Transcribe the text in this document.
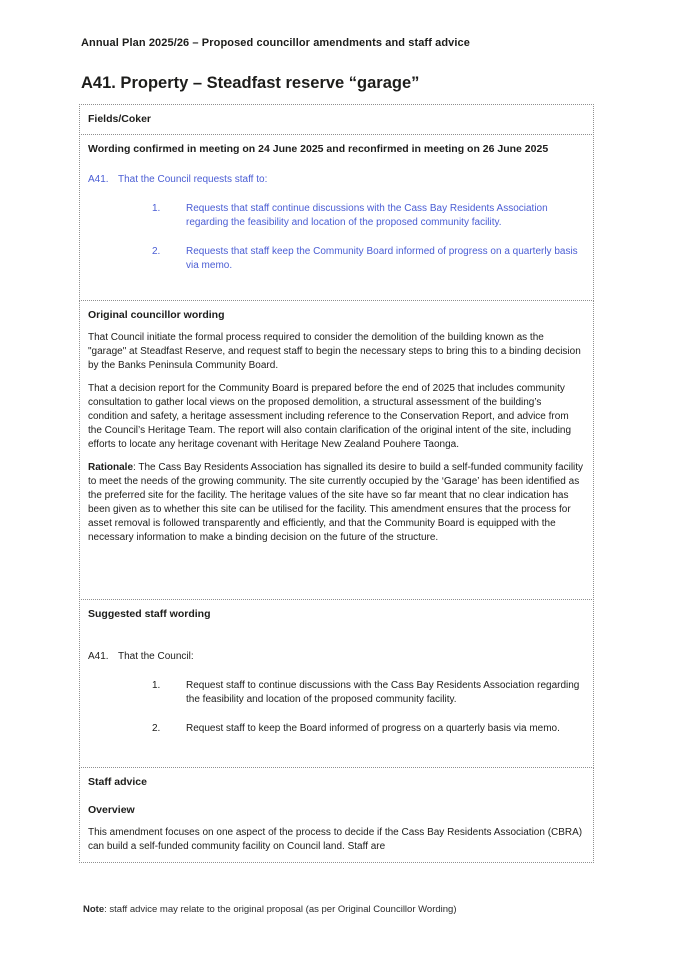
Annual Plan 2025/26 – Proposed councillor amendments and staff advice
A41. Property – Steadfast reserve “garage”
Fields/Coker
Wording confirmed in meeting on 24 June 2025 and reconfirmed in meeting on 26 June 2025
A41. That the Council requests staff to:
1.	Requests that staff continue discussions with the Cass Bay Residents Association regarding the feasibility and location of the proposed community facility.
2.	Requests that staff keep the Community Board informed of progress on a quarterly basis via memo.
Original councillor wording

That Council initiate the formal process required to consider the demolition of the building known as the "garage" at Steadfast Reserve, and request staff to begin the necessary steps to bring this to a binding decision by the Banks Peninsula Community Board.

That a decision report for the Community Board is prepared before the end of 2025 that includes community consultation to gather local views on the proposed demolition, a structural assessment of the building’s condition and safety, a heritage assessment including reference to the Conservation Report, and advice from the Council’s Heritage Team. The report will also contain clarification of the original intent of the site, including efforts to locate any heritage covenant with Heritage New Zealand Pouhere Taonga.

Rationale: The Cass Bay Residents Association has signalled its desire to build a self-funded community facility to meet the needs of the growing community. The site currently occupied by the ‘Garage’ has been identified as the preferred site for the facility. The heritage values of the site have so far meant that no clear indication has been given as to whether this site can be utilised for the facility. This amendment ensures that the process for asset removal is followed transparently and efficiently, and that the Community Board is equipped with the necessary information to make a binding decision on the future of the structure.

Suggested staff wording
A41. That the Council:
1.	Request staff to continue discussions with the Cass Bay Residents Association regarding the feasibility and location of the proposed community facility.
2.	Request staff to keep the Board informed of progress on a quarterly basis via memo.
Staff advice
Overview

This amendment focuses on one aspect of the process to decide if the Cass Bay Residents Association (CBRA) can build a self-funded community facility on Council land. Staff are

Note: staff advice may relate to the original proposal (as per Original Councillor Wording)
